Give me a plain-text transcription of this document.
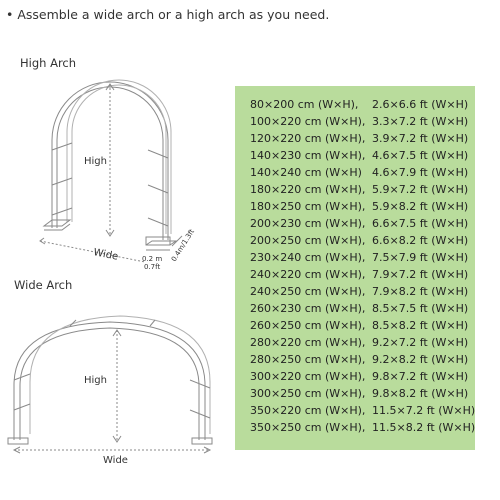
• Assemble a wide arch or a high arch as you need.
High Arch
Wide Arch
High
Wide	0.2 m
0.7ft
0.4m/1.3ft
High
Wide
80×200 cm (W×H),	2.6×6.6 ft (W×H)
100×220 cm (W×H), 3.3×7.2 ft (W×H)
120×220 cm (W×H), 3.9×7.2 ft (W×H)
140×230 cm (W×H), 4.6×7.5 ft (W×H)
140×240 cm (W×H) 4.6×7.9 ft (W×H)
180×220 cm (W×H), 5.9×7.2 ft (W×H)
180×250 cm (W×H), 5.9×8.2 ft (W×H)
200×230 cm (W×H), 6.6×7.5 ft (W×H)
200×250 cm (W×H), 6.6×8.2 ft (W×H)
230×240 cm (W×H), 7.5×7.9 ft (W×H)
240×220 cm (W×H), 7.9×7.2 ft (W×H)
240×250 cm (W×H), 7.9×8.2 ft (W×H)
260×230 cm (W×H), 8.5×7.5 ft (W×H)
260×250 cm (W×H), 8.5×8.2 ft (W×H)
280×220 cm (W×H), 9.2×7.2 ft (W×H)
280×250 cm (W×H), 9.2×8.2 ft (W×H)
300×220 cm (W×H), 9.8×7.2 ft (W×H)
300×250 cm (W×H), 9.8×8.2 ft (W×H)
350×220 cm (W×H), 11.5×7.2 ft (W×H)
350×250 cm (W×H), 11.5×8.2 ft (W×H)
